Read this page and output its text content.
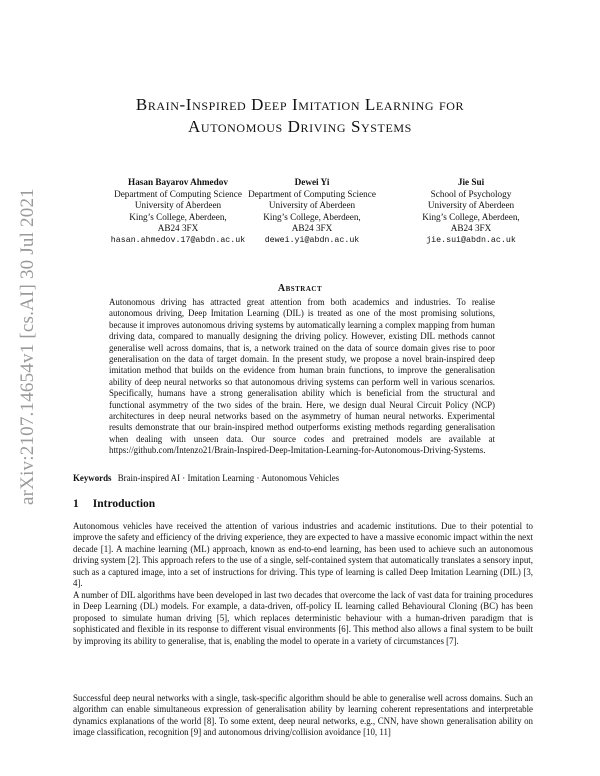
arXiv:2107.14654v1 [cs.AI] 30 Jul 2021
Brain-Inspired Deep Imitation Learning for
Autonomous Driving Systems
Hasan Bayarov Ahmedov
Department of Computing Science
University of Aberdeen
King’s College, Aberdeen,
AB24 3FX
hasan.ahmedov.17@abdn.ac.uk
Dewei Yi
Department of Computing Science
University of Aberdeen
King’s College, Aberdeen,
AB24 3FX
dewei.yi@abdn.ac.uk
Jie Sui
School of Psychology
University of Aberdeen
King’s College, Aberdeen,
AB24 3FX
jie.sui@abdn.ac.uk
Abstract
Autonomous driving has attracted great attention from both academics and industries. To realise autonomous driving, Deep Imitation Learning (DIL) is treated as one of the most promising solutions, because it improves autonomous driving systems by automatically learning a complex mapping from human driving data, compared to manually designing the driving policy. However, existing DIL methods cannot generalise well across domains, that is, a network trained on the data of source domain gives rise to poor generalisation on the data of target domain. In the present study, we propose a novel brain-inspired deep imitation method that builds on the evidence from human brain functions, to improve the generalisation ability of deep neural networks so that autonomous driving systems can perform well in various scenarios. Specifically, humans have a strong generalisation ability which is beneficial from the structural and functional asymmetry of the two sides of the brain. Here, we design dual Neural Circuit Policy (NCP) architectures in deep neural networks based on the asymmetry of human neural networks. Experimental results demonstrate that our brain-inspired method outperforms existing methods regarding generalisation when dealing with unseen data. Our source codes and pretrained models are available at https://github.com/Intenzo21/Brain-Inspired-Deep-Imitation-Learning-for-Autonomous-Driving-Systems.
Keywords Brain-inspired AI · Imitation Learning · Autonomous Vehicles
1 Introduction
Autonomous vehicles have received the attention of various industries and academic institutions. Due to their potential to improve the safety and efficiency of the driving experience, they are expected to have a massive economic impact within the next decade [1]. A machine learning (ML) approach, known as end-to-end learning, has been used to achieve such an autonomous driving system [2]. This approach refers to the use of a single, self-contained system that automatically translates a sensory input, such as a captured image, into a set of instructions for driving. This type of learning is called Deep Imitation Learning (DIL) [3, 4].
A number of DIL algorithms have been developed in last two decades that overcome the lack of vast data for training procedures in Deep Learning (DL) models. For example, a data-driven, off-policy IL learning called Behavioural Cloning (BC) has been proposed to simulate human driving [5], which replaces deterministic behaviour with a human-driven paradigm that is sophisticated and flexible in its response to different visual environments [6]. This method also allows a final system to be built by improving its ability to generalise, that is, enabling the model to operate in a variety of circumstances [7].
Successful deep neural networks with a single, task-specific algorithm should be able to generalise well across domains. Such an algorithm can enable simultaneous expression of generalisation ability by learning coherent representations and interpretable dynamics explanations of the world [8]. To some extent, deep neural networks, e.g., CNN, have shown generalisation ability on image classification, recognition [9] and autonomous driving/collision avoidance [10, 11]
